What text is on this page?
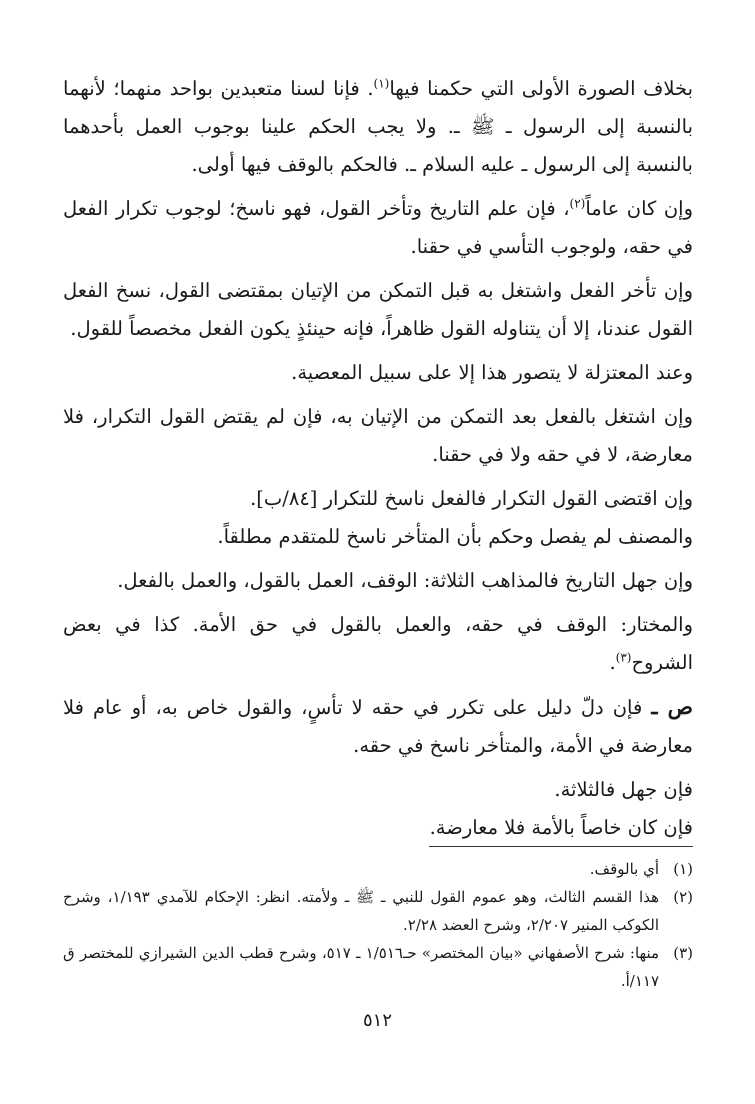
بخلاف الصورة الأولى التي حكمنا فيها$^{(١)}$. فإنا لسنا متعبدين بواحد منهما؛ لأنهما بالنسبة إلى الرسول ـ ﷺ ـ. ولا يجب الحكم علينا بوجوب العمل بأحدهما بالنسبة إلى الرسول ـ عليه السلام ـ. فالحكم بالوقف فيها أولى.

وإن كان عاماً$^{(٢)}$، فإن علم التاريخ وتأخر القول، فهو ناسخ؛ لوجوب تكرار الفعل في حقه، ولوجوب التأسي في حقنا.

وإن تأخر الفعل واشتغل به قبل التمكن من الإتيان بمقتضى القول، نسخ الفعل القول عندنا، إلا أن يتناوله القول ظاهراً، فإنه حينئذٍ يكون الفعل مخصصاً للقول.

وعند المعتزلة لا يتصور هذا إلا على سبيل المعصية.

وإن اشتغل بالفعل بعد التمكن من الإتيان به، فإن لم يقتض القول التكرار، فلا معارضة، لا في حقه ولا في حقنا.

وإن اقتضى القول التكرار فالفعل ناسخ للتكرار [٨٤/ب].

والمصنف لم يفصل وحكم بأن المتأخر ناسخ للمتقدم مطلقاً.

وإن جهل التاريخ فالمذاهب الثلاثة: الوقف، العمل بالقول، والعمل بالفعل.

والمختار: الوقف في حقه، والعمل بالقول في حق الأمة. كذا في بعض الشروح$^{(٣)}$.

ص ـ فإن دلّ دليل على تكرر في حقه لا تأسٍ، والقول خاص به، أو عام فلا معارضة في الأمة، والمتأخر ناسخ في حقه.

فإن جهل فالثلاثة.

فإن كان خاصاً بالأمة فلا معارضة.

(١)
أي بالوقف.
(٢)
هذا القسم الثالث، وهو عموم القول للنبي ـ ﷺ ـ ولأمته. انظر: الإحكام للآمدي ١/١٩٣، وشرح الكوكب المنير ٢/٢٠٧، وشرح العضد ٢/٢٨.
(٣)
منها: شرح الأصفهاني «بيان المختصر» حـ١/٥١٦ ـ ٥١٧، وشرح قطب الدين الشيرازي للمختصر ق ١١٧/أ.
٥١٢
